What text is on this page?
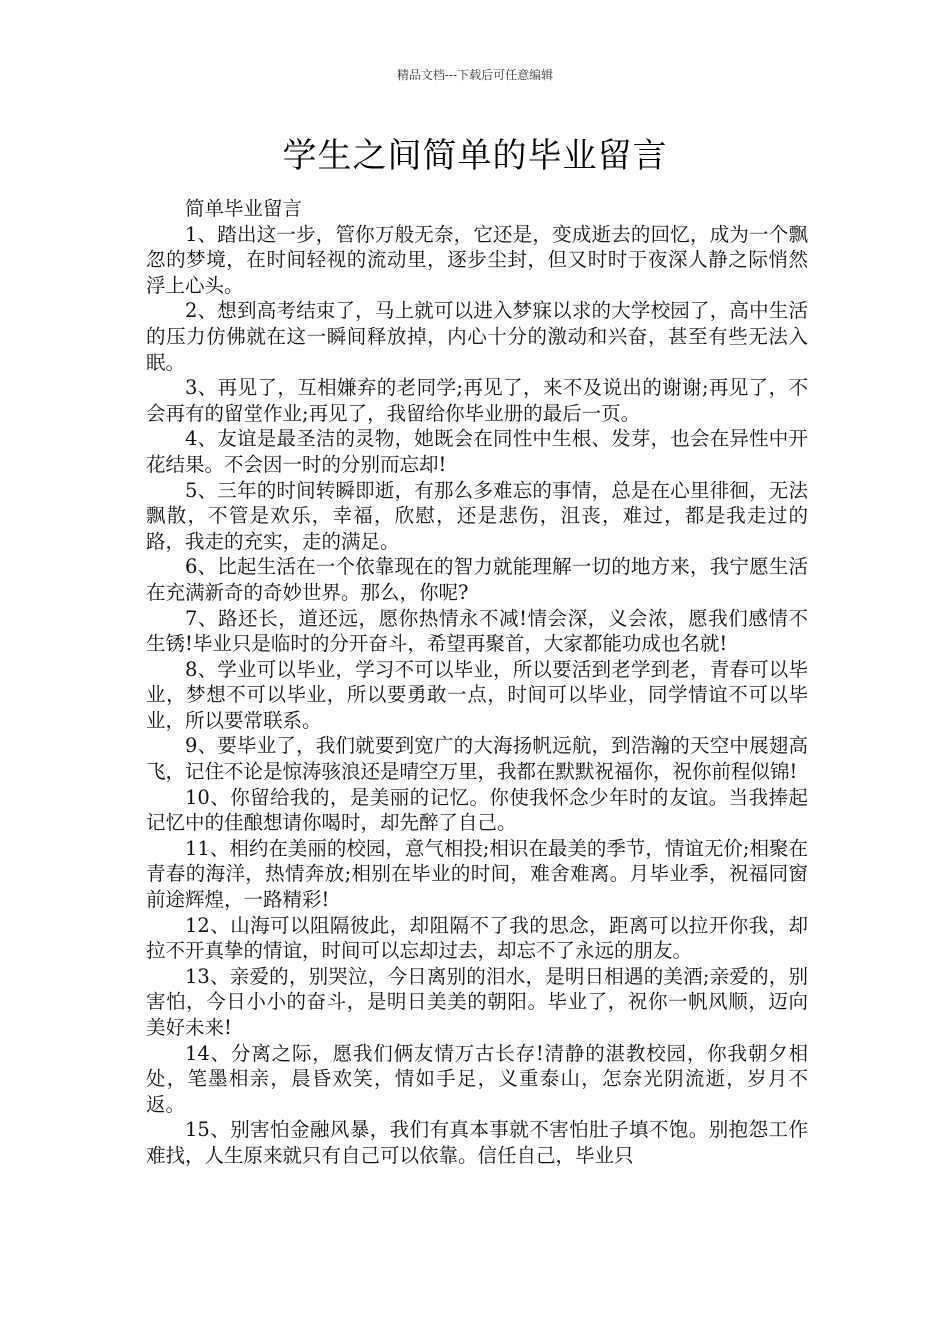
精品文档---下载后可任意编辑
学生之间简单的毕业留言

简单毕业留言

1、踏出这一步，管你万般无奈，它还是，变成逝去的回忆，成为一个飘忽的梦境，在时间轻视的流动里，逐步尘封，但又时时于夜深人静之际悄然浮上心头。

2、想到高考结束了，马上就可以进入梦寐以求的大学校园了，高中生活的压力仿佛就在这一瞬间释放掉，内心十分的激动和兴奋，甚至有些无法入眠。

3、再见了，互相嫌弃的老同学;再见了，来不及说出的谢谢;再见了，不会再有的留堂作业;再见了，我留给你毕业册的最后一页。

4、友谊是最圣洁的灵物，她既会在同性中生根、发芽，也会在异性中开花结果。不会因一时的分别而忘却!

5、三年的时间转瞬即逝，有那么多难忘的事情，总是在心里徘徊，无法飘散，不管是欢乐，幸福，欣慰，还是悲伤，沮丧，难过，都是我走过的路，我走的充实，走的满足。

6、比起生活在一个依靠现在的智力就能理解一切的地方来，我宁愿生活在充满新奇的奇妙世界。那么，你呢?

7、路还长，道还远，愿你热情永不减!情会深，义会浓，愿我们感情不生锈!毕业只是临时的分开奋斗，希望再聚首，大家都能功成也名就!

8、学业可以毕业，学习不可以毕业，所以要活到老学到老，青春可以毕业，梦想不可以毕业，所以要勇敢一点，时间可以毕业，同学情谊不可以毕业，所以要常联系。

9、要毕业了，我们就要到宽广的大海扬帆远航，到浩瀚的天空中展翅高飞，记住不论是惊涛骇浪还是晴空万里，我都在默默祝福你，祝你前程似锦!

10、你留给我的，是美丽的记忆。你使我怀念少年时的友谊。当我捧起记忆中的佳酿想请你喝时，却先醉了自己。

11、相约在美丽的校园，意气相投;相识在最美的季节，情谊无价;相聚在青春的海洋，热情奔放;相别在毕业的时间，难舍难离。月毕业季，祝福同窗前途辉煌，一路精彩!

12、山海可以阻隔彼此，却阻隔不了我的思念，距离可以拉开你我，却拉不开真挚的情谊，时间可以忘却过去，却忘不了永远的朋友。

13、亲爱的，别哭泣，今日离别的泪水，是明日相遇的美酒;亲爱的，别害怕，今日小小的奋斗，是明日美美的朝阳。毕业了，祝你一帆风顺，迈向美好未来!

14、分离之际，愿我们俩友情万古长存!清静的湛教校园，你我朝夕相处，笔墨相亲，晨昏欢笑，情如手足，义重泰山，怎奈光阴流逝，岁月不返。

15、别害怕金融风暴，我们有真本事就不害怕肚子填不饱。别抱怨工作难找，人生原来就只有自己可以依靠。信任自己，毕业只
